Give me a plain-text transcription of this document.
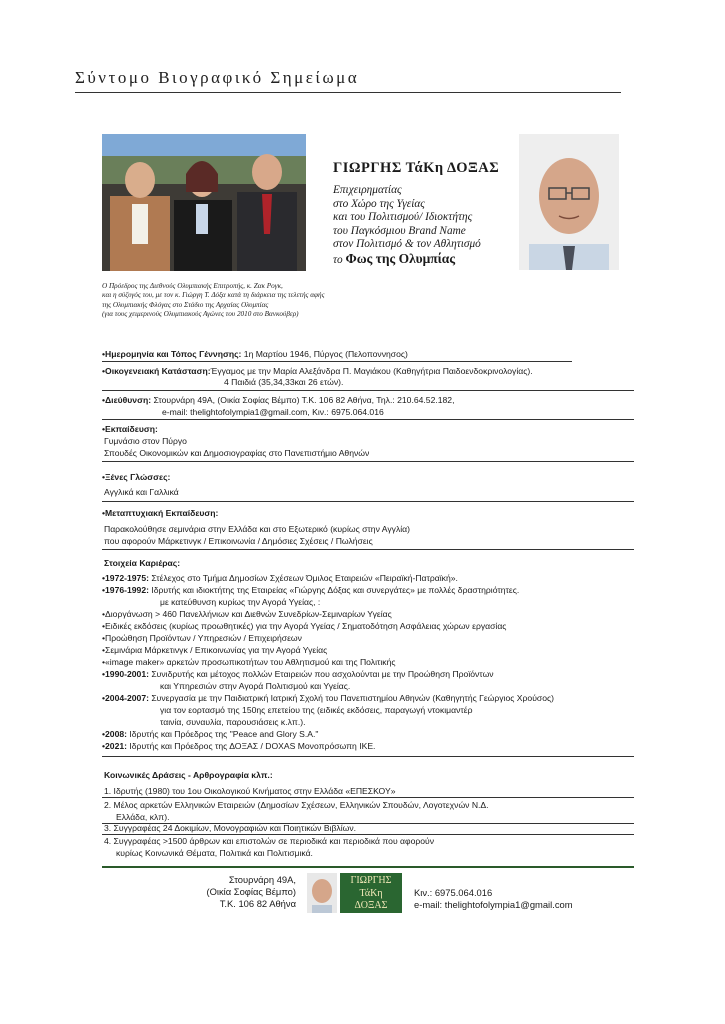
Σύντομο Βιογραφικό Σημείωμα
Ο Πρόεδρος της Διεθνούς Ολυμπιακής Επιτροπής, κ. Ζακ Ρογκ,
και η σύζυγός του, με τον κ. Γιώργη Τ. Δόξα κατά τη διάρκεια της τελετής αφής
της Ολυμπιακής Φλόγας στο Στάδιο της Αρχαίας Ολυμπίας
(για τους χειμερινούς Ολυμπιακούς Αγώνες του 2010 στο Βανκούβερ)
ΓΙΩΡΓΗΣ ΤάΚη ΔΟΞΑΣ
Επιχειρηματίας
στο Χώρο της Υγείας
και του Πολιτισμού/ Ιδιοκτήτης
του Παγκόσμιου Brand Name
στον Πολιτισμό & τον Αθλητισμό
το Φως της Ολυμπίας
•Ημερομηνία και Τόπος Γέννησης: 1η Μαρτίου 1946, Πύργος (Πελοποννησος)
•Οικογενειακή Κατάσταση:Έγγαμος με την Μαρία Αλεξάνδρα Π. Μαγιάκου (Καθηγήτρια Παιδοενδοκρινολογίας).
4 Παιδιά (35,34,33και 26 ετών).
•Διεύθυνση: Στουρνάρη 49Α, (Οικία Σοφίας Βέμπο) Τ.Κ. 106 82 Αθήνα, Τηλ.: 210.64.52.182,
e-mail: thelightofolympia1@gmail.com, Κιν.: 6975.064.016
•Εκπαίδευση:
Γυμνάσιο στον Πύργο
Σπουδές Οικονομικών και Δημοσιογραφίας στο Πανεπιστήμιο Αθηνών
•Ξένες Γλώσσες:
Αγγλικά και Γαλλικά
•Μεταπτυχιακή Εκπαίδευση:
Παρακολούθησε σεμινάρια στην Ελλάδα και στο Εξωτερικό (κυρίως στην Αγγλία)
που αφορούν Μάρκετινγκ / Επικοινωνία / Δημόσιες Σχέσεις / Πωλήσεις
Στοιχεία Καριέρας:
•1972-1975: Στέλεχος στο Τμήμα Δημοσίων Σχέσεων Όμιλος Εταιρειών «Πειραϊκή-Πατραϊκή».
•1976-1992: Ιδρυτής και ιδιοκτήτης της Εταιρείας «Γιώργης Δόξας και συνεργάτες» με πολλές δραστηριότητες.
με κατεύθυνση κυρίως την Αγορά Υγείας, :
•Διοργάνωση > 460 Πανελλήνιων και Διεθνών Συνεδρίων-Σεμιναρίων Υγείας
•Ειδικές εκδόσεις (κυρίως προωθητικές) για την Αγορά Υγείας / Σηματοδότηση Ασφάλειας χώρων εργασίας
•Προώθηση Προϊόντων / Υπηρεσιών / Επιχειρήσεων
•Σεμινάρια Μάρκετινγκ / Επικοινωνίας για την Αγορά Υγείας
•«image maker» αρκετών προσωπικοτήτων του Αθλητισμού και της Πολιτικής
•1990-2001: Συνιδρυτής και μέτοχος πολλών Εταιρειών που ασχολούνται με την Προώθηση Προϊόντων
και Υπηρεσιών στην Αγορά Πολιτισμού και Υγείας.
•2004-2007: Συνεργασία με την Παιδιατρική Ιατρική Σχολή του Πανεπιστημίου Αθηνών (Καθηγητής Γεώργιος Χρούσος)
για τον εορτασμό της 150ης επετείου της (ειδικές εκδόσεις, παραγωγή ντοκιμαντέρ
ταινία, συναυλία, παρουσιάσεις κ.λπ.).
•2008: Ιδρυτής και Πρόεδρος της "Peace and Glory S.A."
•2021: Ιδρυτής και Πρόεδρος της ΔΟΞΑΣ / DOXAS Μονοπρόσωπη ΙΚΕ.
Κοινωνικές Δράσεις - Αρθρογραφία κλπ.:
1. Ιδρυτής (1980) του 1ου Οικολογικού Κινήματος στην Ελλάδα «ΕΠΕΣΚΟΥ»
2. Μέλος αρκετών Ελληνικών Εταιρειών (Δημοσίων Σχέσεων, Ελληνικών Σπουδών, Λογοτεχνών Ν.Δ.
Ελλάδα, κλπ).
3. Συγγραφέας 24 Δοκιμίων, Μονογραφιών και Ποιητικών Βιβλίων.
4. Συγγραφέας >1500 άρθρων και επιστολών σε περιοδικά και περιοδικά που αφορούν
κυρίως Κοινωνικά Θέματα, Πολιτικά και Πολιτισμικά.
Στουρνάρη 49Α,
(Οικία Σοφίας Βέμπο)
Τ.Κ. 106 82 Αθήνα
ΓΙΩΡΓΗΣ
ΤάΚη
ΔΟΞΑΣ
Κιν.: 6975.064.016
e-mail: thelightofolympia1@gmail.com
